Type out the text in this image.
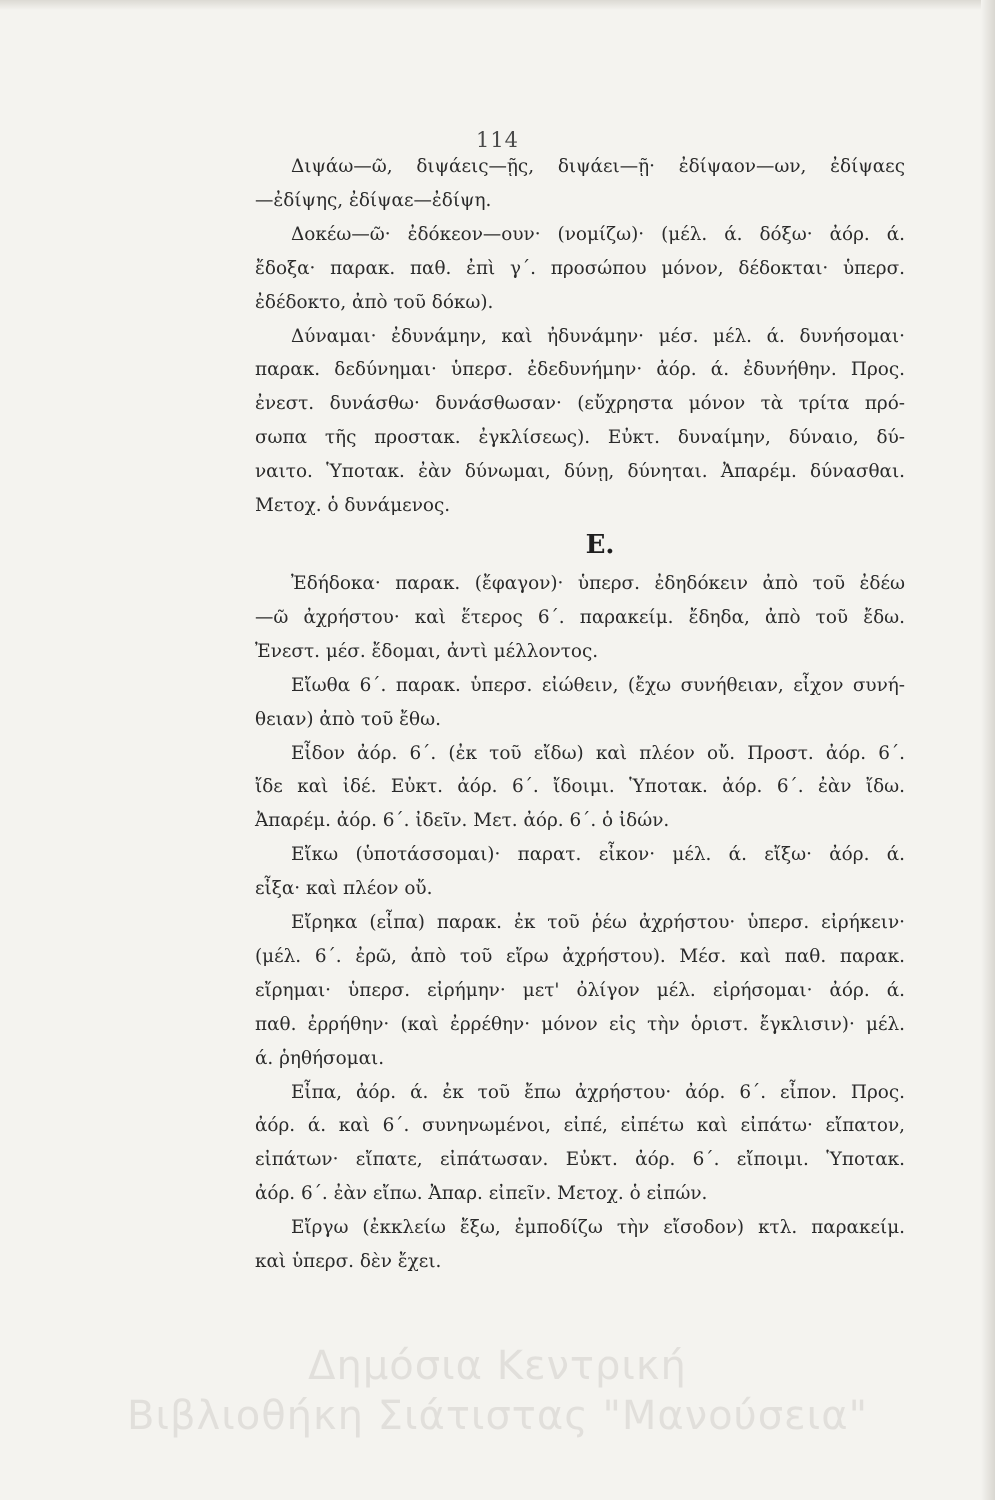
114
Διψάω—ῶ, διψάεις—ῇς, διψάει—ῇ· ἐδίψαον—ων, ἐδίψαες
—ἐδίψης, ἐδίψαε—ἐδίψη.
Δοκέω—ῶ· ἐδόκεον—ουν· (νομίζω)· (μέλ. ά. δόξω· ἀόρ. ά.
ἔδοξα· παρακ. παθ. ἐπὶ γ΄. προσώπου μόνον, δέδοκται· ὑπερσ.
ἐδέδοκτο, ἀπὸ τοῦ δόκω).
Δύναμαι· ἐδυνάμην, καὶ ἠδυνάμην· μέσ. μέλ. ά. δυνήσομαι·
παρακ. δεδύνημαι· ὑπερσ. ἐδεδυνήμην· ἀόρ. ά. ἐδυνήθην. Προς.
ἐνεστ. δυνάσθω· δυνάσθωσαν· (εὔχρηστα μόνον τὰ τρίτα πρό-
σωπα τῆς προστακ. ἐγκλίσεως). Εὐκτ. δυναίμην, δύναιο, δύ-
ναιτο. Ὑποτακ. ἐὰν δύνωμαι, δύνῃ, δύνηται. Ἀπαρέμ. δύνασθαι.
Μετοχ. ὁ δυνάμενος.
Ε.
Ἐδήδοκα· παρακ. (ἔφαγον)· ὑπερσ. ἐδηδόκειν ἀπὸ τοῦ ἐδέω
—ῶ ἀχρήστου· καὶ ἕτερος 6΄. παρακείμ. ἔδηδα, ἀπὸ τοῦ ἔδω.
Ἐνεστ. μέσ. ἔδομαι, ἀντὶ μέλλοντος.
Εἴωθα 6΄. παρακ. ὑπερσ. εἰώθειν, (ἔχω συνήθειαν, εἶχον συνή-
θειαν) ἀπὸ τοῦ ἔθω.
Εἶδον ἀόρ. 6΄. (ἐκ τοῦ εἴδω) καὶ πλέον οὔ. Προστ. ἀόρ. 6΄.
ἴδε καὶ ἰδέ. Εὐκτ. ἀόρ. 6΄. ἴδοιμι. Ὑποτακ. ἀόρ. 6΄. ἐὰν ἴδω.
Ἀπαρέμ. ἀόρ. 6΄. ἰδεῖν. Μετ. ἀόρ. 6΄. ὁ ἰδών.
Εἴκω (ὑποτάσσομαι)· παρατ. εἶκον· μέλ. ά. εἴξω· ἀόρ. ά.
εἶξα· καὶ πλέον οὔ.
Εἴρηκα (εἶπα) παρακ. ἐκ τοῦ ῥέω ἀχρήστου· ὑπερσ. εἰρήκειν·
(μέλ. 6΄. ἐρῶ, ἀπὸ τοῦ εἴρω ἀχρήστου). Μέσ. καὶ παθ. παρακ.
εἴρημαι· ὑπερσ. εἰρήμην· μετ' ὀλίγον μέλ. εἰρήσομαι· ἀόρ. ά.
παθ. ἐρρήθην· (καὶ ἐρρέθην· μόνον εἰς τὴν ὁριστ. ἔγκλισιν)· μέλ.
ά. ῥηθήσομαι.
Εἶπα, ἀόρ. ά. ἐκ τοῦ ἔπω ἀχρήστου· ἀόρ. 6΄. εἶπον. Προς.
ἀόρ. ά. καὶ 6΄. συνηνωμένοι, εἰπέ, εἰπέτω καὶ εἰπάτω· εἴπατον,
εἰπάτων· εἴπατε, εἰπάτωσαν. Εὐκτ. ἀόρ. 6΄. εἴποιμι. Ὑποτακ.
ἀόρ. 6΄. ἐὰν εἴπω. Ἀπαρ. εἰπεῖν. Μετοχ. ὁ εἰπών.
Εἴργω (ἐκκλείω ἔξω, ἐμποδίζω τὴν εἴσοδον) κτλ. παρακείμ.
καὶ ὑπερσ. δὲν ἔχει.
Δημόσια Κεντρική
Βιβλιοθήκη Σιάτιστας "Μανούσεια"
